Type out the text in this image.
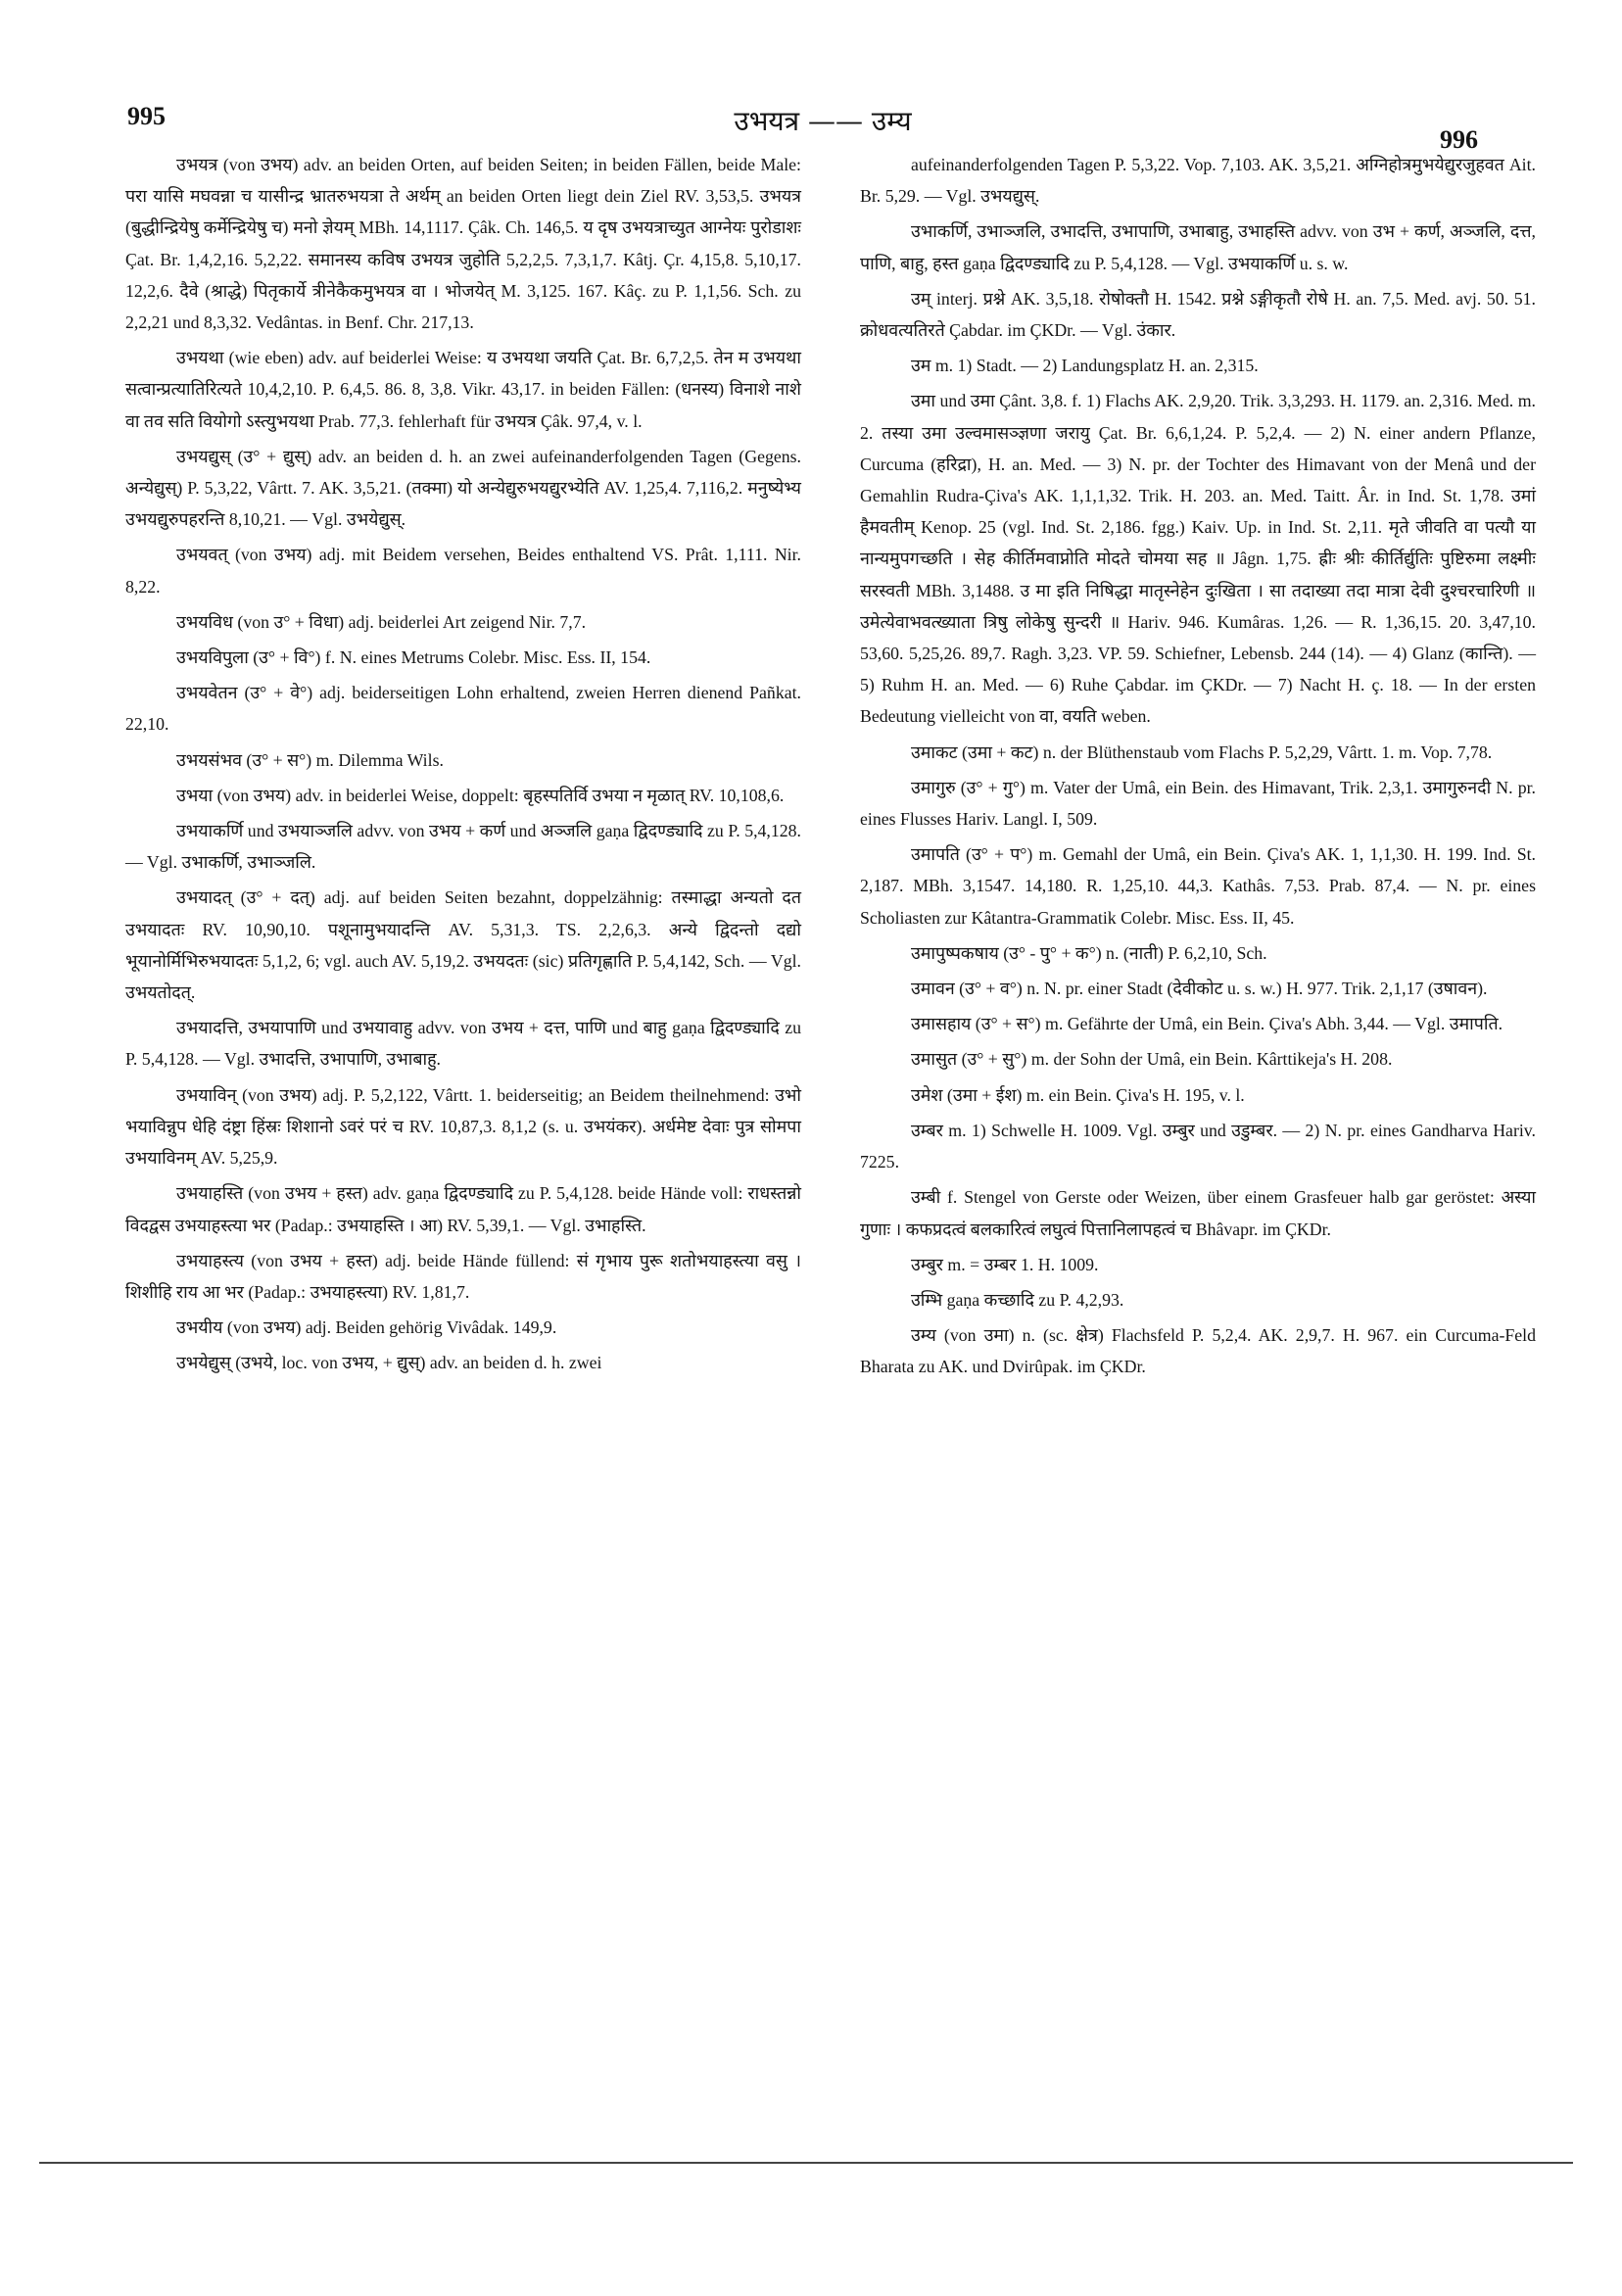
995	उभयत्र —— उम्य
996

उभयत्र (von उभय) adv. an beiden Orten, auf beiden Seiten; in beiden Fällen, beide Male: परा यासि मघवन्ना च यासीन्द्र भ्रातरुभयत्रा ते अर्थम् an beiden Orten liegt dein Ziel RV. 3,53,5. उभयत्र (बुद्धीन्द्रियेषु कर्मेन्द्रियेषु च) मनो ज्ञेयम् MBh. 14,1117. Çâk. Ch. 146,5. य दृष उभयत्राच्युत आग्नेयः पुरोडाशः Çat. Br. 1,4,2,16. 5,2,22. समानस्य कविष उभयत्र जुहोति 5,2,2,5. 7,3,1,7. Kâtj. Çr. 4,15,8. 5,10,17. 12,2,6. दैवे (श्राद्धे) पितृकार्ये त्रीनेकैकमुभयत्र वा । भोजयेत् M. 3,125. 167. Kâç. zu P. 1,1,56. Sch. zu 2,2,21 und 8,3,32. Vedântas. in Benf. Chr. 217,13.

उभयथा (wie eben) adv. auf beiderlei Weise: य उभयथा जयति Çat. Br. 6,7,2,5. तेन म उभयथा सत्वान्प्रत्यातिरित्यते 10,4,2,10. P. 6,4,5. 86. 8, 3,8. Vikr. 43,17. in beiden Fällen: (धनस्य) विनाशे नाशे वा तव सति वियोगो ऽस्त्युभयथा Prab. 77,3. fehlerhaft für उभयत्र Çâk. 97,4, v. l.

उभयद्युस् (उ° + द्युस्) adv. an beiden d. h. an zwei aufeinanderfolgenden Tagen (Gegens. अन्येद्युस्) P. 5,3,22, Vârtt. 7. AK. 3,5,21. (तक्मा) यो अन्येद्युरुभयद्युरभ्येति AV. 1,25,4. 7,116,2. मनुष्येभ्य उभयद्युरुपहरन्ति 8,10,21. — Vgl. उभयेद्युस्.

उभयवत् (von उभय) adj. mit Beidem versehen, Beides enthaltend VS. Prât. 1,111. Nir. 8,22.

उभयविध (von उ° + विधा) adj. beiderlei Art zeigend Nir. 7,7.

उभयविपुला (उ° + वि°) f. N. eines Metrums Colebr. Misc. Ess. II, 154.

उभयवेतन (उ° + वे°) adj. beiderseitigen Lohn erhaltend, zweien Herren dienend Pañkat. 22,10.

उभयसंभव (उ° + स°) m. Dilemma Wils.

उभया (von उभय) adv. in beiderlei Weise, doppelt: बृहस्पतिर्वि उभया न मृळात् RV. 10,108,6.

उभयाकर्णि und उभयाञ्जलि advv. von उभय + कर्ण und अञ्जलि gaṇa द्विदण्ड्यादि zu P. 5,4,128. — Vgl. उभाकर्णि, उभाञ्जलि.

उभयादत् (उ° + दत्) adj. auf beiden Seiten bezahnt, doppelzähnig: तस्माद्धा अन्यतो दत उभयादतः RV. 10,90,10. पशूनामुभयादन्ति AV. 5,31,3. TS. 2,2,6,3. अन्ये द्विदन्तो दद्यो भूयानोर्मिभिरुभयादतः 5,1,2, 6; vgl. auch AV. 5,19,2. उभयदतः (sic) प्रतिगृह्णाति P. 5,4,142, Sch. — Vgl. उभयतोदत्.

उभयादत्ति, उभयापाणि und उभयावाहु advv. von उभय + दत्त, पाणि und बाहु gaṇa द्विदण्ड्यादि zu P. 5,4,128. — Vgl. उभादत्ति, उभापाणि, उभाबाहु.

उभयाविन् (von उभय) adj. P. 5,2,122, Vârtt. 1. beiderseitig; an Beidem theilnehmend: उभो भयाविन्नुप धेहि दंष्ट्रा हिंस्रः शिशानो ऽवरं परं च RV. 10,87,3. 8,1,2 (s. u. उभयंकर). अर्धमेष्ट देवाः पुत्र सोमपा उभयाविनम् AV. 5,25,9.

उभयाहस्ति (von उभय + हस्त) adv. gaṇa द्विदण्ड्यादि zu P. 5,4,128. beide Hände voll: राधस्तन्नो विदद्वस उभयाहस्त्या भर (Padap.: उभयाहस्ति । आ) RV. 5,39,1. — Vgl. उभाहस्ति.

उभयाहस्त्य (von उभय + हस्त) adj. beide Hände füllend: सं गृभाय पुरू शतोभयाहस्त्या वसु । शिशीहि राय आ भर (Padap.: उभयाहस्त्या) RV. 1,81,7.

उभयीय (von उभय) adj. Beiden gehörig Vivâdak. 149,9.

उभयेद्युस् (उभये, loc. von उभय, + द्युस्) adv. an beiden d. h. zwei

aufeinanderfolgenden Tagen P. 5,3,22. Vop. 7,103. AK. 3,5,21. अग्निहोत्रमुभयेद्युरजुहवत Ait. Br. 5,29. — Vgl. उभयद्युस्.

उभाकर्णि, उभाञ्जलि, उभादत्ति, उभापाणि, उभाबाहु, उभाहस्ति advv. von उभ + कर्ण, अञ्जलि, दत्त, पाणि, बाहु, हस्त gaṇa द्विदण्ड्यादि zu P. 5,4,128. — Vgl. उभयाकर्णि u. s. w.

उम् interj. प्रश्ने AK. 3,5,18. रोषोक्तौ H. 1542. प्रश्ने ऽङ्गीकृतौ रोषे H. an. 7,5. Med. avj. 50. 51. क्रोधवत्यतिरते Çabdar. im ÇKDr. — Vgl. उंकार.

उम m. 1) Stadt. — 2) Landungsplatz H. an. 2,315.

उमा und उमा Çânt. 3,8. f. 1) Flachs AK. 2,9,20. Trik. 3,3,293. H. 1179. an. 2,316. Med. m. 2. तस्या उमा उल्वमासञ्ज्ञणा जरायु Çat. Br. 6,6,1,24. P. 5,2,4. — 2) N. einer andern Pflanze, Curcuma (हरिद्रा), H. an. Med. — 3) N. pr. der Tochter des Himavant von der Menâ und der Gemahlin Rudra-Çiva's AK. 1,1,1,32. Trik. H. 203. an. Med. Taitt. Âr. in Ind. St. 1,78. उमां हैमवतीम् Kenop. 25 (vgl. Ind. St. 2,186. fgg.) Kaiv. Up. in Ind. St. 2,11. मृते जीवति वा पत्यौ या नान्यमुपगच्छति । सेह कीर्तिमवाप्नोति मोदते चोमया सह ॥ Jâgn. 1,75. ह्रीः श्रीः कीर्तिर्द्युतिः पुष्टिरुमा लक्ष्मीः सरस्वती MBh. 3,1488. उ मा इति निषिद्धा मातृस्नेहेन दुःखिता । सा तदाख्या तदा मात्रा देवी दुश्चरचारिणी ॥ उमेत्येवाभवत्ख्याता त्रिषु लोकेषु सुन्दरी ॥ Hariv. 946. Kumâras. 1,26. — R. 1,36,15. 20. 3,47,10. 53,60. 5,25,26. 89,7. Ragh. 3,23. VP. 59. Schiefner, Lebensb. 244 (14). — 4) Glanz (कान्ति). — 5) Ruhm H. an. Med. — 6) Ruhe Çabdar. im ÇKDr. — 7) Nacht H. ç. 18. — In der ersten Bedeutung vielleicht von वा, वयति weben.

उमाकट (उमा + कट) n. der Blüthenstaub vom Flachs P. 5,2,29, Vârtt. 1. m. Vop. 7,78.

उमागुरु (उ° + गु°) m. Vater der Umâ, ein Bein. des Himavant, Trik. 2,3,1. उमागुरुनदी N. pr. eines Flusses Hariv. Langl. I, 509.

उमापति (उ° + प°) m. Gemahl der Umâ, ein Bein. Çiva's AK. 1, 1,1,30. H. 199. Ind. St. 2,187. MBh. 3,1547. 14,180. R. 1,25,10. 44,3. Kathâs. 7,53. Prab. 87,4. — N. pr. eines Scholiasten zur Kâtantra-Grammatik Colebr. Misc. Ess. II, 45.

उमापुष्पकषाय (उ° - पु° + क°) n. (नाती) P. 6,2,10, Sch.

उमावन (उ° + व°) n. N. pr. einer Stadt (देवीकोट u. s. w.) H. 977. Trik. 2,1,17 (उषावन).

उमासहाय (उ° + स°) m. Gefährte der Umâ, ein Bein. Çiva's Abh. 3,44. — Vgl. उमापति.

उमासुत (उ° + सु°) m. der Sohn der Umâ, ein Bein. Kârttikeja's H. 208.

उमेश (उमा + ईश) m. ein Bein. Çiva's H. 195, v. l.

उम्बर m. 1) Schwelle H. 1009. Vgl. उम्बुर und उडुम्बर. — 2) N. pr. eines Gandharva Hariv. 7225.

उम्बी f. Stengel von Gerste oder Weizen, über einem Grasfeuer halb gar geröstet: अस्या गुणाः । कफप्रदत्वं बलकारित्वं लघुत्वं पित्तानिलापहत्वं च Bhâvapr. im ÇKDr.

उम्बुर m. = उम्बर 1. H. 1009.

उम्भि gaṇa कच्छादि zu P. 4,2,93.

उम्य (von उमा) n. (sc. क्षेत्र) Flachsfeld P. 5,2,4. AK. 2,9,7. H. 967. ein Curcuma-Feld Bharata zu AK. und Dvirûpak. im ÇKDr.
